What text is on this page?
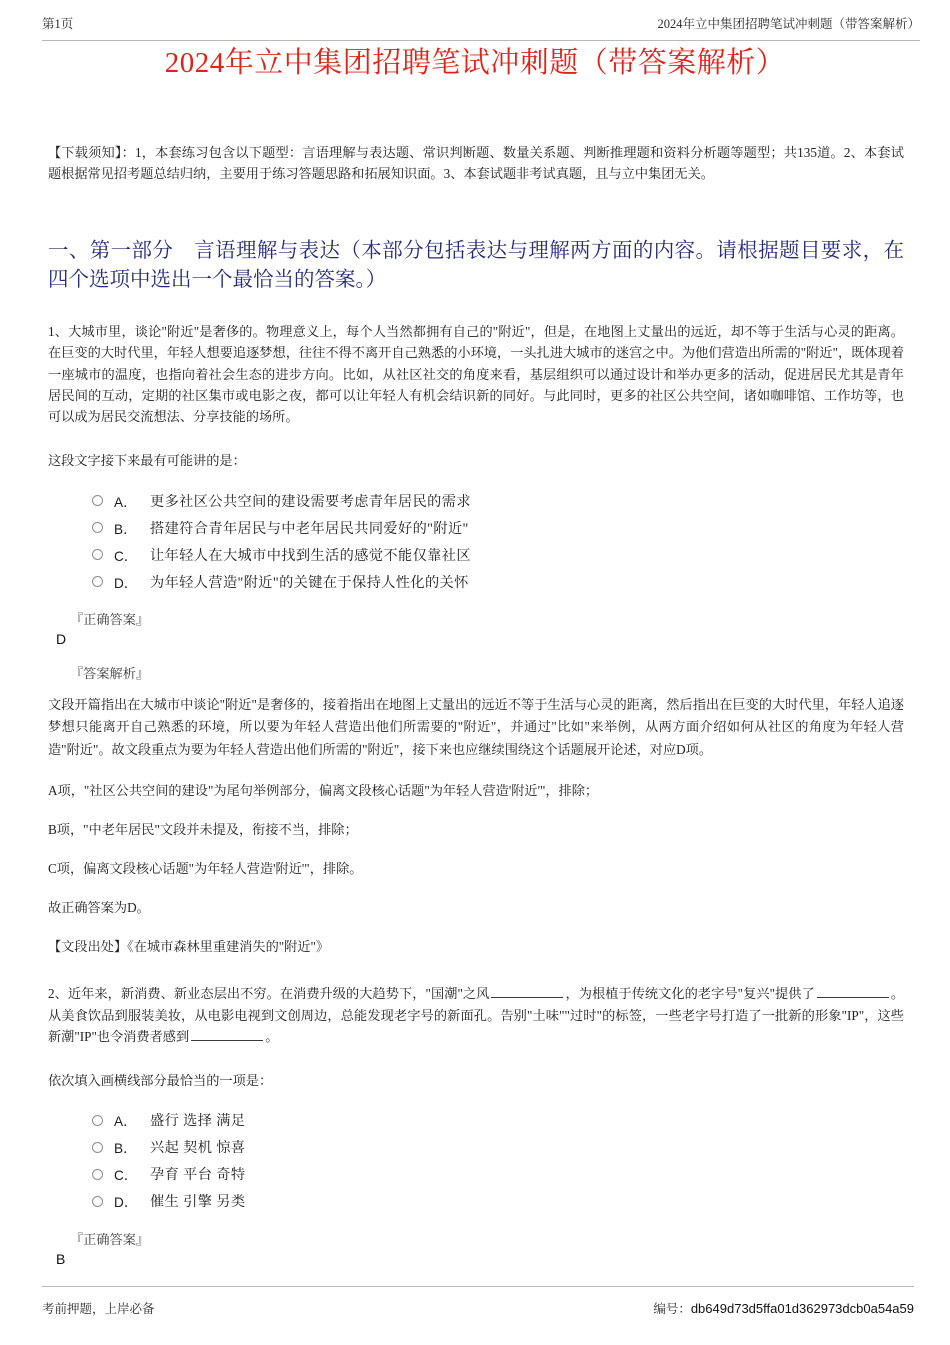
第1页	2024年立中集团招聘笔试冲刺题（带答案解析）
2024年立中集团招聘笔试冲刺题（带答案解析）

【下载须知】：1，本套练习包含以下题型：言语理解与表达题、常识判断题、数量关系题、判断推理题和资料分析题等题型；共135道。2、本套试题根据常见招考题总结归纳，主要用于练习答题思路和拓展知识面。3、本套试题非考试真题，且与立中集团无关。

一、第一部分　言语理解与表达（本部分包括表达与理解两方面的内容。请根据题目要求，在四个选项中选出一个最恰当的答案。）

1、大城市里，谈论"附近"是奢侈的。物理意义上，每个人当然都拥有自己的"附近"，但是，在地图上丈量出的远近，却不等于生活与心灵的距离。在巨变的大时代里，年轻人想要追逐梦想，往往不得不离开自己熟悉的小环境，一头扎进大城市的迷宫之中。为他们营造出所需的"附近"，既体现着一座城市的温度，也指向着社会生态的进步方向。比如，从社区社交的角度来看，基层组织可以通过设计和举办更多的活动，促进居民尤其是青年居民间的互动，定期的社区集市或电影之夜，都可以让年轻人有机会结识新的同好。与此同时，更多的社区公共空间，诸如咖啡馆、工作坊等，也可以成为居民交流想法、分享技能的场所。

这段文字接下来最有可能讲的是：

A． 更多社区公共空间的建设需要考虑青年居民的需求
B． 搭建符合青年居民与中老年居民共同爱好的"附近"
C． 让年轻人在大城市中找到生活的感觉不能仅靠社区
D． 为年轻人营造"附近"的关键在于保持人性化的关怀
『正确答案』
D
『答案解析』

文段开篇指出在大城市中谈论"附近"是奢侈的，接着指出在地图上丈量出的远近不等于生活与心灵的距离，然后指出在巨变的大时代里，年轻人追逐梦想只能离开自己熟悉的环境，所以要为年轻人营造出他们所需要的"附近"，并通过"比如"来举例，从两方面介绍如何从社区的角度为年轻人营造"附近"。故文段重点为要为年轻人营造出他们所需的"附近"，接下来也应继续围绕这个话题展开论述，对应D项。

A项，"社区公共空间的建设"为尾句举例部分，偏离文段核心话题"为年轻人营造'附近'"，排除；

B项，"中老年居民"文段并未提及，衔接不当，排除；

C项，偏离文段核心话题"为年轻人营造'附近'"，排除。

故正确答案为D。

【文段出处】《在城市森林里重建消失的"附近"》

2、近年来，新消费、新业态层出不穷。在消费升级的大趋势下，"国潮"之风	，为根植于传统文化的老字号"复兴"提供了	。从美食饮品到服装美妆，从电影电视到文创周边，总能发现老字号的新面孔。告别"土味""过时"的标签，一些老字号打造了一批新的形象"IP"，这些新潮"IP"也令消费者感到	。

依次填入画横线部分最恰当的一项是：

A． 盛行 选择 满足
B． 兴起 契机 惊喜
C． 孕育 平台 奇特
D． 催生 引擎 另类
『正确答案』
B
考前押题，上岸必备	编号：db649d73d5ffa01d362973dcb0a54a59
